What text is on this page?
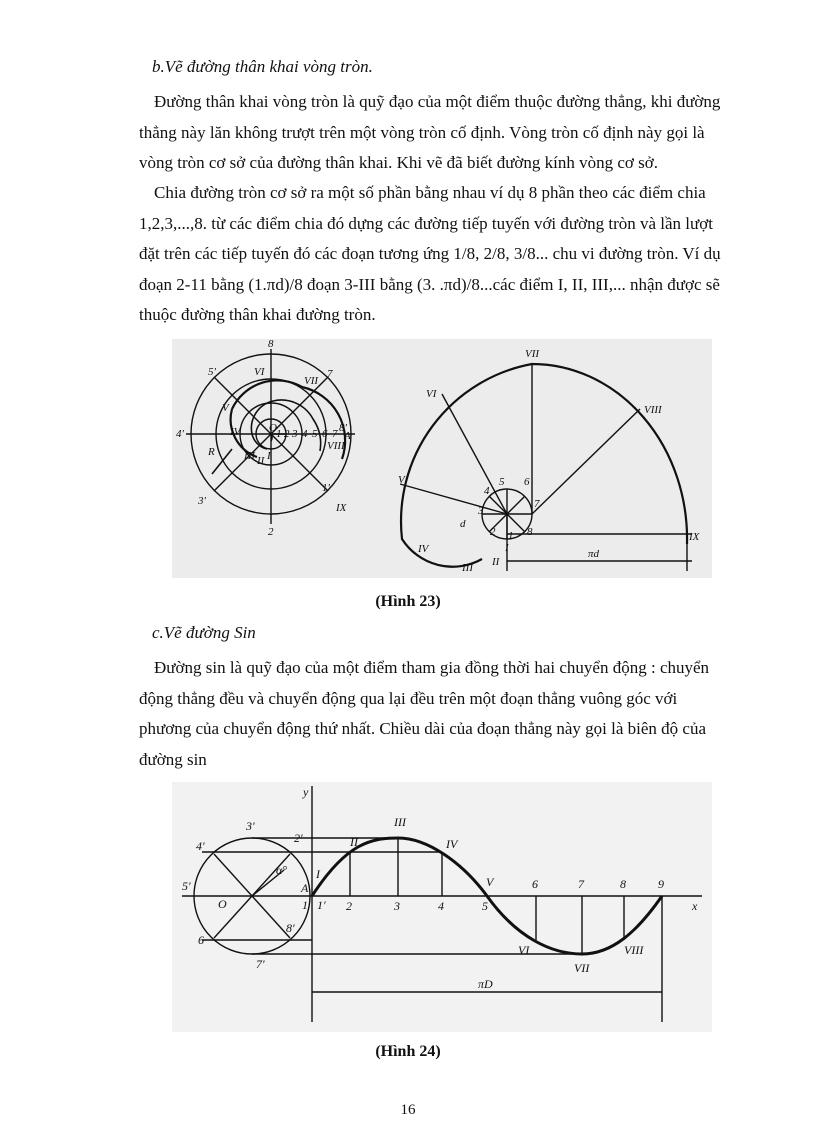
b.Vẽ đường thân khai vòng tròn.

Đường thân khai vòng tròn là quỹ đạo của một điểm thuộc đường thẳng, khi đường thẳng này lăn không trượt trên một vòng tròn cố định. Vòng tròn cố định này gọi là vòng tròn cơ sở của đường thân khai. Khi vẽ đã biết đường kính vòng cơ sở.

Chia đường tròn cơ sở ra một số phần bằng nhau ví dụ 8 phần theo các điểm chia 1,2,3,...,8. từ các điểm chia đó dựng các đường tiếp tuyến với đường tròn và lần lượt đặt trên các tiếp tuyến đó các đoạn tương ứng 1/8, 2/8, 3/8... chu vi đường tròn. Ví dụ đoạn 2-11 bằng (1.πd)/8 đoạn 3-III bằng (3. .πd)/8...các điểm I, II, III,... nhận được sẽ thuộc đường thân khai đường tròn.

8
5'
4'
3'
2
1'
7
R
O
A
1 2 3 4 5 6 7 8'
VI
VII
V
IV
III II I
VIII
IX
VII
VI
VIII
V
IV
III II
I
IX
1
2
3
4
5 6
7
8
d
πd
(Hình 23)
c.Vẽ đường Sin

Đường sin là quỹ đạo của một điểm tham gia đồng thời hai chuyển động : chuyển động thẳng đều và chuyển động qua lại đều trên một đoạn thẳng vuông góc với phương của chuyển động thứ nhất. Chiều dài của đoạn thẳng này gọi là biên độ của đường sin

y
x
O
A
α°
1'
2'
3'
4'
5'
6
7'
8'
1	2	3	4	5
6	7	8	9
I
II
III
IV
V
VI
VII
VIII
πD
(Hình 24)
16
